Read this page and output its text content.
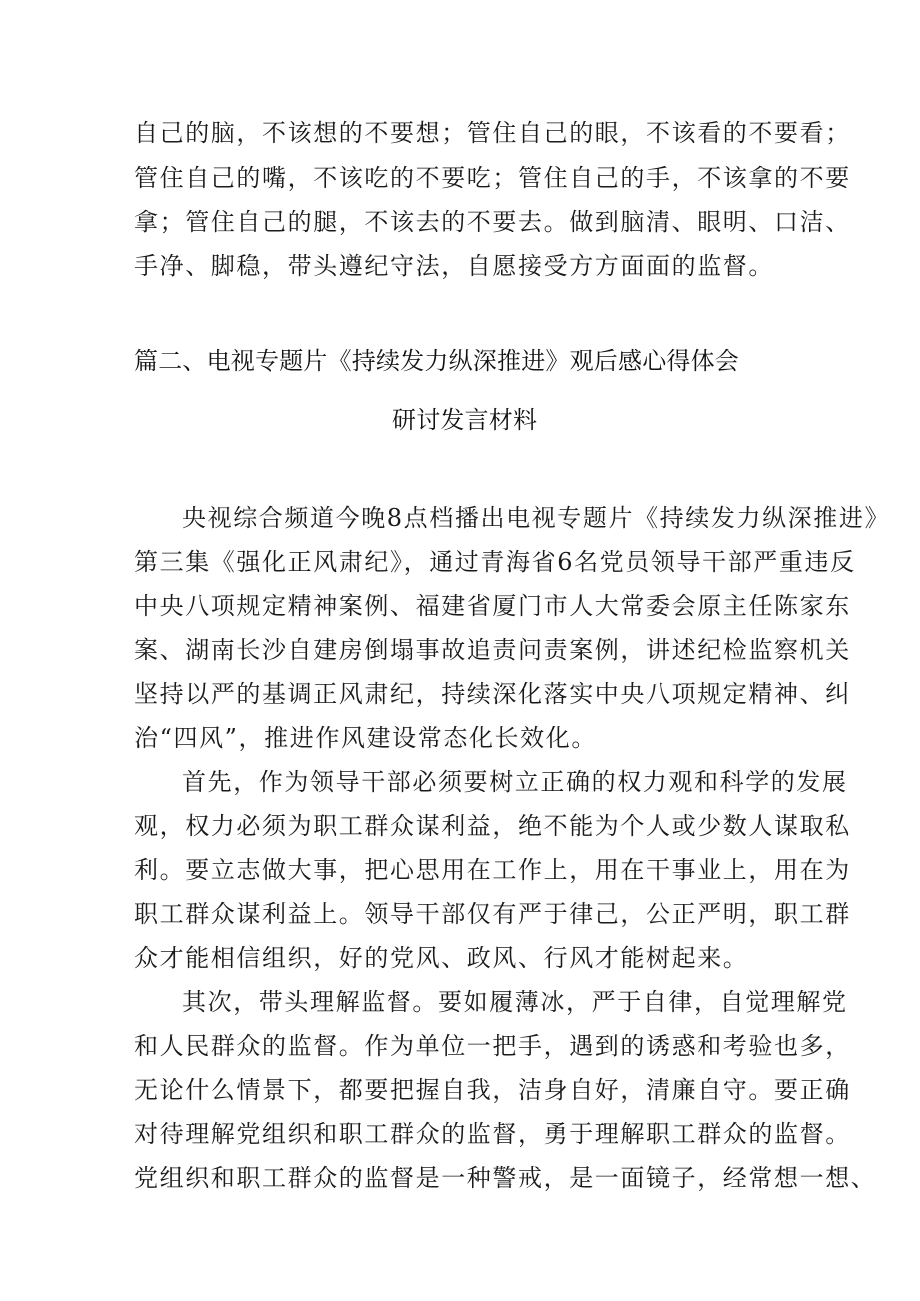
自己的脑，不该想的不要想；管住自己的眼，不该看的不要看；
管住自己的嘴，不该吃的不要吃；管住自己的手，不该拿的不要
拿；管住自己的腿，不该去的不要去。做到脑清、眼明、口洁、
手净、脚稳，带头遵纪守法，自愿接受方方面面的监督。
篇二、电视专题片《持续发力纵深推进》观后感心得体会
研讨发言材料
央视综合频道今晚8点档播出电视专题片《持续发力纵深推进》
第三集《强化正风肃纪》，通过青海省6名党员领导干部严重违反
中央八项规定精神案例、福建省厦门市人大常委会原主任陈家东
案、湖南长沙自建房倒塌事故追责问责案例，讲述纪检监察机关
坚持以严的基调正风肃纪，持续深化落实中央八项规定精神、纠
治“四风”，推进作风建设常态化长效化。
首先，作为领导干部必须要树立正确的权力观和科学的发展
观，权力必须为职工群众谋利益，绝不能为个人或少数人谋取私
利。要立志做大事，把心思用在工作上，用在干事业上，用在为
职工群众谋利益上。领导干部仅有严于律己，公正严明，职工群
众才能相信组织，好的党风、政风、行风才能树起来。
其次，带头理解监督。要如履薄冰，严于自律，自觉理解党
和人民群众的监督。作为单位一把手，遇到的诱惑和考验也多，
无论什么情景下，都要把握自我，洁身自好，清廉自守。要正确
对待理解党组织和职工群众的监督，勇于理解职工群众的监督。
党组织和职工群众的监督是一种警戒，是一面镜子，经常想一想、
